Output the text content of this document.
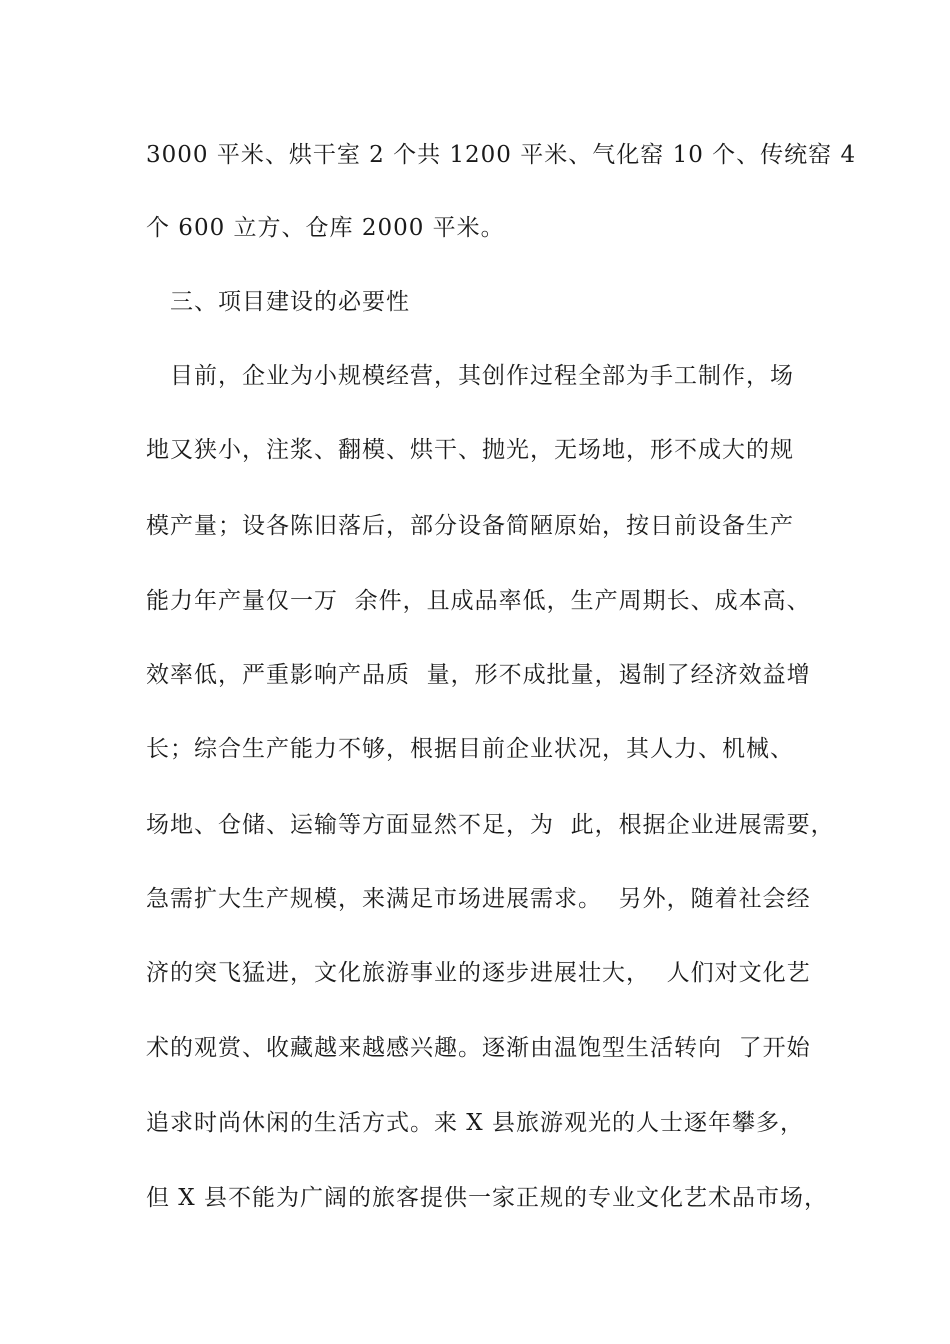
3000 平米、烘干室 2 个共 1200 平米、气化窑 10 个、传统窑 4
个 600 立方、仓库 2000 平米。
三、项目建设的必要性
目前，企业为小规模经营，其创作过程全部为手工制作，场
地又狭小，注浆、翻模、烘干、抛光，无场地，形不成大的规
模产量；设各陈旧落后，部分设备简陋原始，按日前设备生产
能力年产量仅一万  余件，且成品率低，生产周期长、成本高、
效率低，严重影响产品质  量，形不成批量，遏制了经济效益增
长；综合生产能力不够，根据目前企业状况，其人力、机械、
场地、仓储、运输等方面显然不足，为  此，根据企业进展需要，
急需扩大生产规模，来满足市场进展需求。  另外，随着社会经
济的突飞猛进，文化旅游事业的逐步进展壮大，  人们对文化艺
术的观赏、收藏越来越感兴趣。逐渐由温饱型生活转向  了开始
追求时尚休闲的生活方式。来 X 县旅游观光的人士逐年攀多，
但 X 县不能为广阔的旅客提供一家正规的专业文化艺术品市场，
